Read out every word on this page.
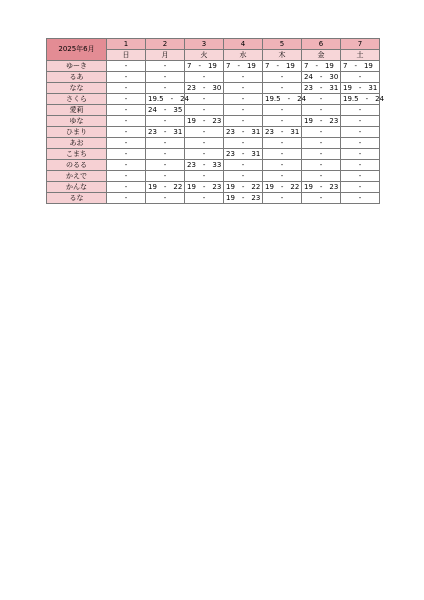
2025年6月	1	2	3	4	5	6	7
	日	月	火	水	木	金	土
ゆーき	-	-	7　-　19	7　-　19	7　-　19	7　-　19	7　-　19
るあ	-	-	-	-	-	24　-　30	-
なな	-	-	23　-　30	-	-	23　-　31	19　-　31
さくら	-	19.5　-　24	-	-	19.5　-　24	-	19.5　-　24
愛莉	-	24　-　35	-	-	-	-	-
ゆな	-	-	19　-　23	-	-	19　-　23	-
ひまり	-	23　-　31	-	23　-　31	23　-　31	-	-
あお	-	-	-	-	-	-	-
こまち	-	-	-	23　-　31	-	-	-
のるる	-	-	23　-　33	-	-	-	-
かえで	-	-	-	-	-	-	-
かんな	-	19　-　22	19　-　23	19　-　22	19　-　22	19　-　23	-
るな	-	-	-	19　-　23	-	-	-
